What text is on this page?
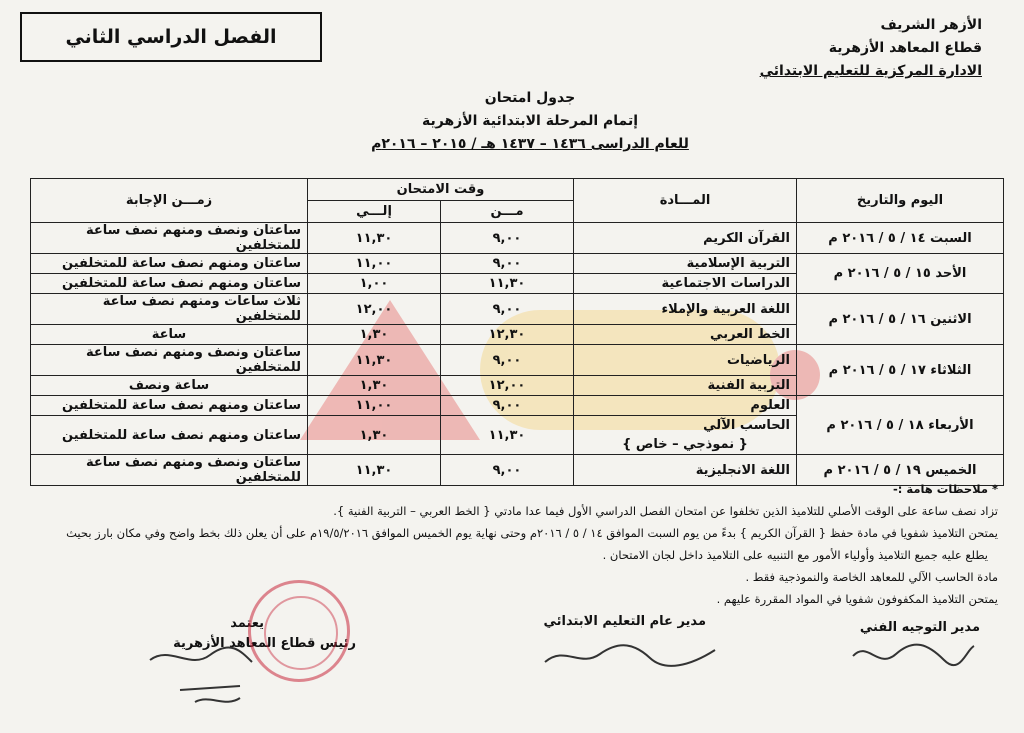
الفصل الدراسي الثاني
الأزهر الشريف
قطاع المعاهد الأزهرية
الادارة المركزية للتعليم الابتدائي
جدول امتحان
إتمام المرحلة الابتدائية الأزهرية
للعام الدراسى ١٤٣٦ – ١٤٣٧ هـ / ٢٠١٥ – ٢٠١٦م
اليوم والتاريخ	المـــادة	وقت الامتحان		زمـــن الإجابة
		مـــن	إلـــي	
السبت ١٤ / ٥ / ٢٠١٦ م	القرآن الكريم	٩,٠٠	١١,٣٠	ساعتان ونصف ومنهم نصف ساعة للمتخلفين
الأحد ١٥ / ٥ / ٢٠١٦ م	التربية الإسلامية	٩,٠٠	١١,٠٠	ساعتان ومنهم نصف ساعة للمتخلفين
	الدراسات الاجتماعية	١١,٣٠	١,٠٠	ساعتان ومنهم نصف ساعة للمتخلفين
الاثنين ١٦ / ٥ / ٢٠١٦ م	اللغة العربية والإملاء	٩,٠٠	١٢,٠٠	ثلاث ساعات ومنهم نصف ساعة للمتخلفين
	الخط العربي	١٢,٣٠	١,٣٠	ساعة
الثلاثاء ١٧ / ٥ / ٢٠١٦ م	الرياضيات	٩,٠٠	١١,٣٠	ساعتان ونصف ومنهم نصف ساعة للمتخلفين
	التربية الفنية	١٢,٠٠	١,٣٠	ساعة ونصف
الأربعاء ١٨ / ٥ / ٢٠١٦ م	العلوم	٩,٠٠	١١,٠٠	ساعتان ومنهم نصف ساعة للمتخلفين
	الحاسب الآلي	١١,٣٠	١,٣٠	ساعتان ومنهم نصف ساعة للمتخلفين
	{ نموذجي – خاص }			
الخميس ١٩ / ٥ / ٢٠١٦ م	اللغة الانجليزية	٩,٠٠	١١,٣٠	ساعتان ونصف ومنهم نصف ساعة للمتخلفين
* ملاحظات هامة :-
تزاد نصف ساعة على الوقت الأصلي للتلاميذ الذين تخلفوا عن امتحان الفصل الدراسي الأول فيما عدا مادتي { الخط العربي – التربية الفنية }.
يمتحن التلاميذ شفويا في مادة حفظ { القرآن الكريم } بدءً من يوم السبت الموافق ١٤ / ٥ / ٢٠١٦م وحتى نهاية يوم الخميس الموافق ١٩/٥/٢٠١٦م على أن يعلن ذلك بخط واضح وفي مكان بارز بحيث
يطلع عليه جميع التلاميذ وأولياء الأمور مع التنبيه على التلاميذ داخل لجان الامتحان .
مادة الحاسب الآلي للمعاهد الخاصة والنموذجية فقط .
يمتحن التلاميذ المكفوفون شفويا في المواد المقررة عليهم .
مدير التوجيه الفني
مدير عام التعليم الابتدائي
يعتمد
رئيس قطاع المعاهد الأزهرية
